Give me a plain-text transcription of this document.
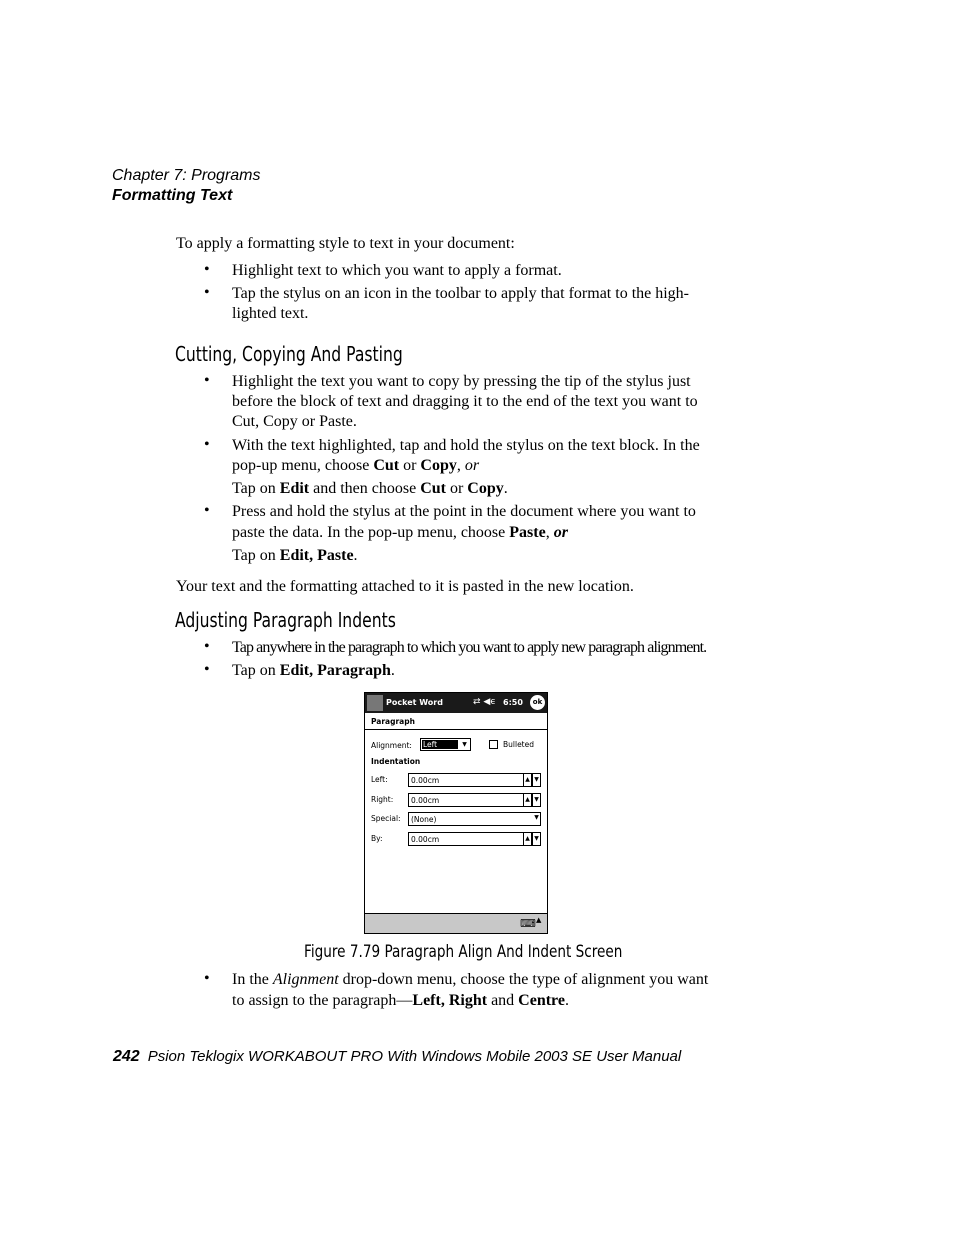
Chapter 7: Programs
Formatting Text
To apply a formatting style to text in your document:
• Highlight text to which you want to apply a format.
• Tap the stylus on an icon in the toolbar to apply that format to the high-
lighted text.
Cutting, Copying And Pasting
• Highlight the text you want to copy by pressing the tip of the stylus just
before the block of text and dragging it to the end of the text you want to
Cut, Copy or Paste.
• With the text highlighted, tap and hold the stylus on the text block. In the
pop-up menu, choose Cut or Copy, or
Tap on Edit and then choose Cut or Copy.
• Press and hold the stylus at the point in the document where you want to
paste the data. In the pop-up menu, choose Paste, or
Tap on Edit, Paste.
Your text and the formatting attached to it is pasted in the new location.
Adjusting Paragraph Indents
• Tap anywhere in the paragraph to which you want to apply new paragraph alignment.
• Tap on Edit, Paragraph.
Pocket Word	⇄ ◀ϵ 6:50	ok
Paragraph
Alignment: Left	▼	Bulleted
Indentation
Left:	0.00cm	▲ ▼
Right: 0.00cm	▲ ▼
Special: (None)	▼
By:	0.00cm	▲ ▼
⌨ ▲
Figure 7.79 Paragraph Align And Indent Screen
• In the Alignment drop-down menu, choose the type of alignment you want
to assign to the paragraph—Left, Right and Centre.
242 Psion Teklogix WORKABOUT PRO With Windows Mobile 2003 SE User Manual
